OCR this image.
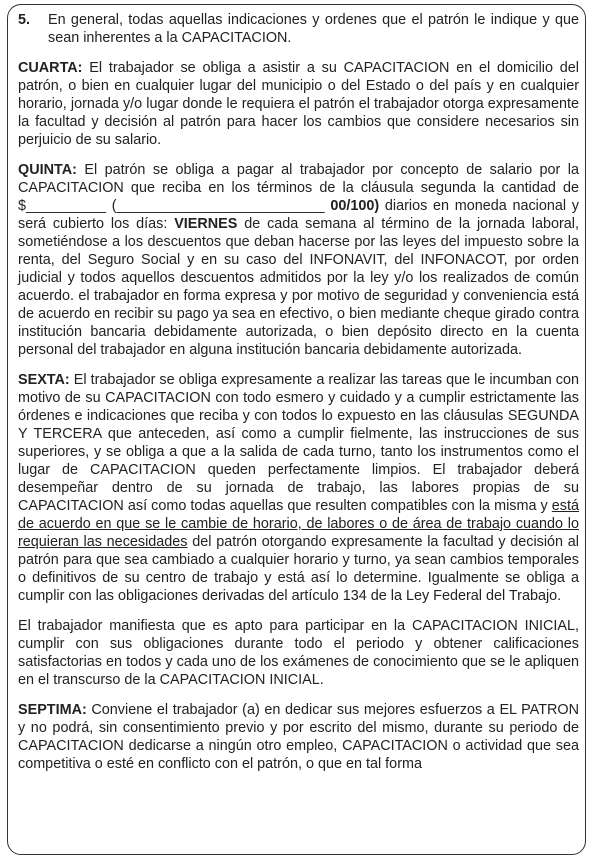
5.	En general, todas aquellas indicaciones y ordenes que el patrón le indique y que sean inherentes a la CAPACITACION.

CUARTA: El trabajador se obliga a asistir a su CAPACITACION en el domicilio del patrón, o bien en cualquier lugar del municipio o del Estado o del país y en cualquier horario, jornada y/o lugar donde le requiera el patrón el trabajador otorga expresamente la facultad y decisión al patrón para hacer los cambios que considere necesarios sin perjuicio de su salario.

QUINTA: El patrón se obliga a pagar al trabajador por concepto de salario por la CAPACITACION que reciba en los términos de la cláusula segunda la cantidad de $__________ (__________________________ 00/100) diarios en moneda nacional y será cubierto los días: VIERNES de cada semana al término de la jornada laboral, sometiéndose a los descuentos que deban hacerse por las leyes del impuesto sobre la renta, del Seguro Social y en su caso del INFONAVIT, del INFONACOT, por orden judicial y todos aquellos descuentos admitidos por la ley y/o los realizados de común acuerdo. el trabajador en forma expresa y por motivo de seguridad y conveniencia está de acuerdo en recibir su pago ya sea en efectivo, o bien mediante cheque girado contra institución bancaria debidamente autorizada, o bien depósito directo en la cuenta personal del trabajador en alguna institución bancaria debidamente autorizada.

SEXTA: El trabajador se obliga expresamente a realizar las tareas que le incumban con motivo de su CAPACITACION con todo esmero y cuidado y a cumplir estrictamente las órdenes e indicaciones que reciba y con todos lo expuesto en las cláusulas SEGUNDA Y TERCERA que anteceden, así como a cumplir fielmente, las instrucciones de sus superiores, y se obliga a que a la salida de cada turno, tanto los instrumentos como el lugar de CAPACITACION queden perfectamente limpios. El trabajador deberá desempeñar dentro de su jornada de trabajo, las labores propias de su CAPACITACION así como todas aquellas que resulten compatibles con la misma y está de acuerdo en que se le cambie de horario, de labores o de área de trabajo cuando lo requieran las necesidades del patrón otorgando expresamente la facultad y decisión al patrón para que sea cambiado a cualquier horario y turno, ya sean cambios temporales o definitivos de su centro de trabajo y está así lo determine. Igualmente se obliga a cumplir con las obligaciones derivadas del artículo 134 de la Ley Federal del Trabajo.

El trabajador manifiesta que es apto para participar en la CAPACITACION INICIAL, cumplir con sus obligaciones durante todo el periodo y obtener calificaciones satisfactorias en todos y cada uno de los exámenes de conocimiento que se le apliquen en el transcurso de la CAPACITACION INICIAL.

SEPTIMA: Conviene el trabajador (a) en dedicar sus mejores esfuerzos a EL PATRON y no podrá, sin consentimiento previo y por escrito del mismo, durante su periodo de CAPACITACION dedicarse a ningún otro empleo, CAPACITACION o actividad que sea competitiva o esté en conflicto con el patrón, o que en tal forma
